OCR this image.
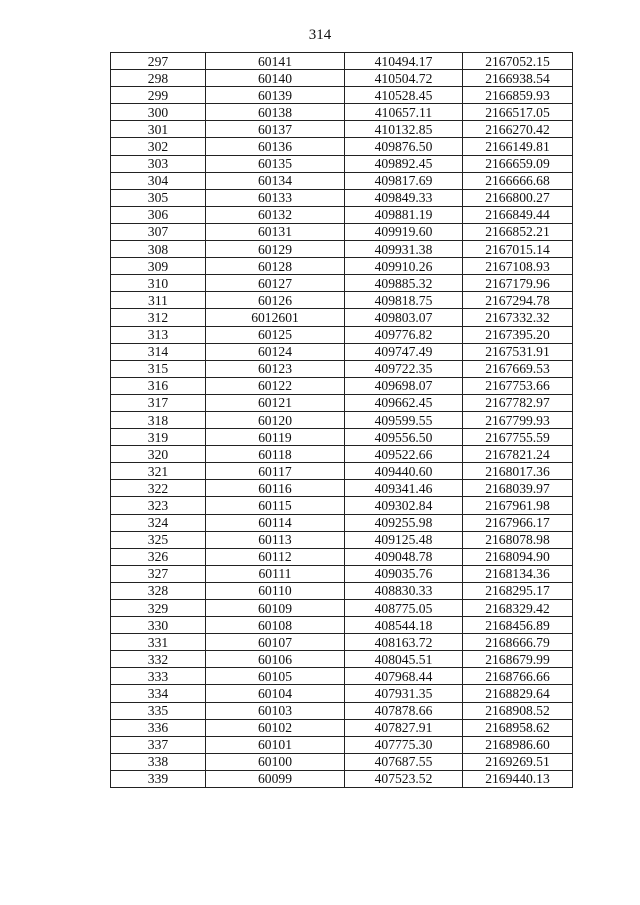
314
297	60141	410494.17	2167052.15
298	60140	410504.72	2166938.54
299	60139	410528.45	2166859.93
300	60138	410657.11	2166517.05
301	60137	410132.85	2166270.42
302	60136	409876.50	2166149.81
303	60135	409892.45	2166659.09
304	60134	409817.69	2166666.68
305	60133	409849.33	2166800.27
306	60132	409881.19	2166849.44
307	60131	409919.60	2166852.21
308	60129	409931.38	2167015.14
309	60128	409910.26	2167108.93
310	60127	409885.32	2167179.96
311	60126	409818.75	2167294.78
312	6012601	409803.07	2167332.32
313	60125	409776.82	2167395.20
314	60124	409747.49	2167531.91
315	60123	409722.35	2167669.53
316	60122	409698.07	2167753.66
317	60121	409662.45	2167782.97
318	60120	409599.55	2167799.93
319	60119	409556.50	2167755.59
320	60118	409522.66	2167821.24
321	60117	409440.60	2168017.36
322	60116	409341.46	2168039.97
323	60115	409302.84	2167961.98
324	60114	409255.98	2167966.17
325	60113	409125.48	2168078.98
326	60112	409048.78	2168094.90
327	60111	409035.76	2168134.36
328	60110	408830.33	2168295.17
329	60109	408775.05	2168329.42
330	60108	408544.18	2168456.89
331	60107	408163.72	2168666.79
332	60106	408045.51	2168679.99
333	60105	407968.44	2168766.66
334	60104	407931.35	2168829.64
335	60103	407878.66	2168908.52
336	60102	407827.91	2168958.62
337	60101	407775.30	2168986.60
338	60100	407687.55	2169269.51
339	60099	407523.52	2169440.13
